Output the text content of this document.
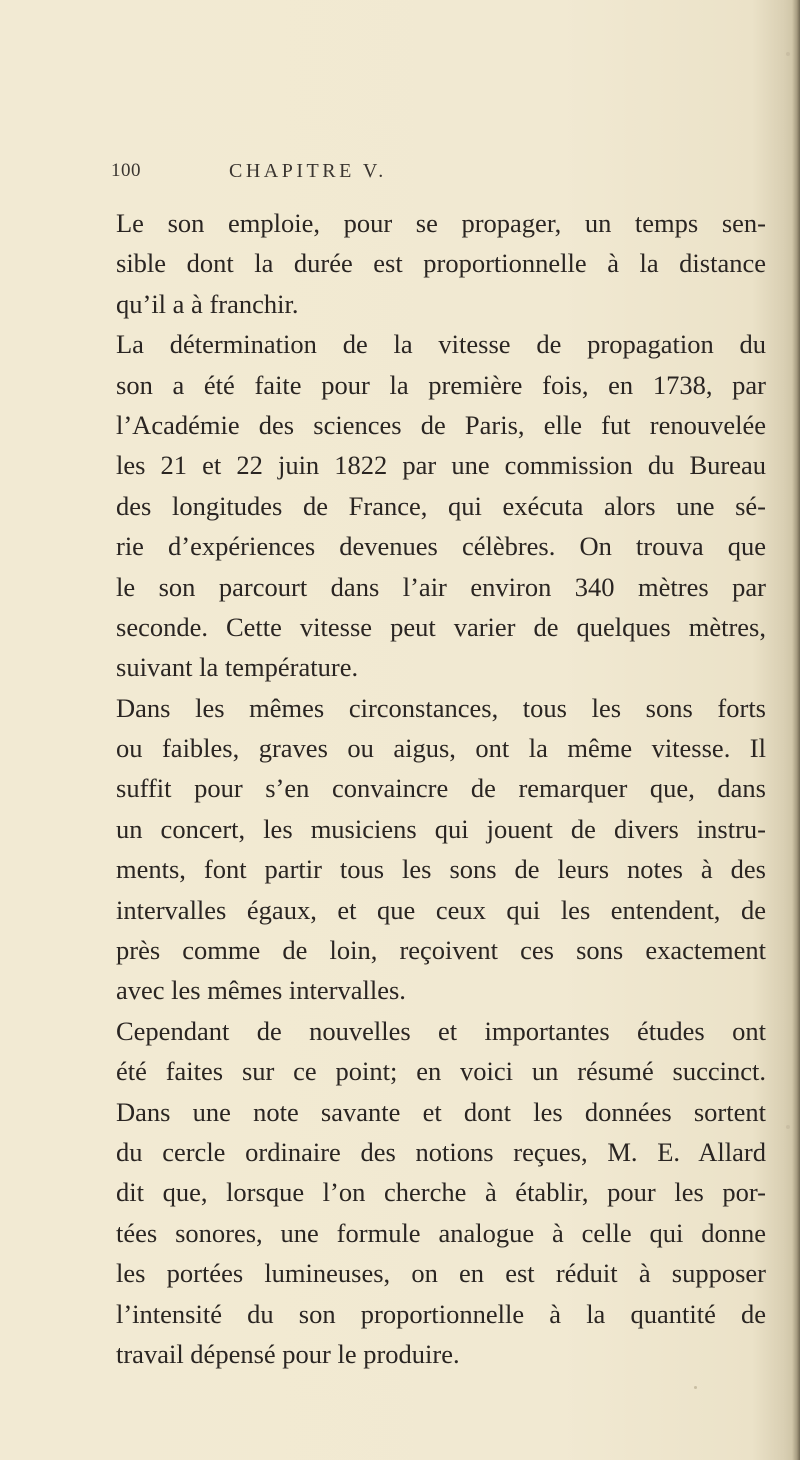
100	CHAPITRE V.
Le son emploie, pour se propager, un temps sen-
sible dont la durée est proportionnelle à la distance
qu’il a à franchir.
La détermination de la vitesse de propagation du
son a été faite pour la première fois, en 1738, par
l’Académie des sciences de Paris, elle fut renouvelée
les 21 et 22 juin 1822 par une commission du Bureau
des longitudes de France, qui exécuta alors une sé-
rie d’expériences devenues célèbres. On trouva que
le son parcourt dans l’air environ 340 mètres par
seconde. Cette vitesse peut varier de quelques mètres,
suivant la température.
Dans les mêmes circonstances, tous les sons forts
ou faibles, graves ou aigus, ont la même vitesse. Il
suffit pour s’en convaincre de remarquer que, dans
un concert, les musiciens qui jouent de divers instru-
ments, font partir tous les sons de leurs notes à des
intervalles égaux, et que ceux qui les entendent, de
près comme de loin, reçoivent ces sons exactement
avec les mêmes intervalles.
Cependant de nouvelles et importantes études ont
été faites sur ce point; en voici un résumé succinct.
Dans une note savante et dont les données sortent
du cercle ordinaire des notions reçues, M. E. Allard
dit que, lorsque l’on cherche à établir, pour les por-
tées sonores, une formule analogue à celle qui donne
les portées lumineuses, on en est réduit à supposer
l’intensité du son proportionnelle à la quantité de
travail dépensé pour le produire.
